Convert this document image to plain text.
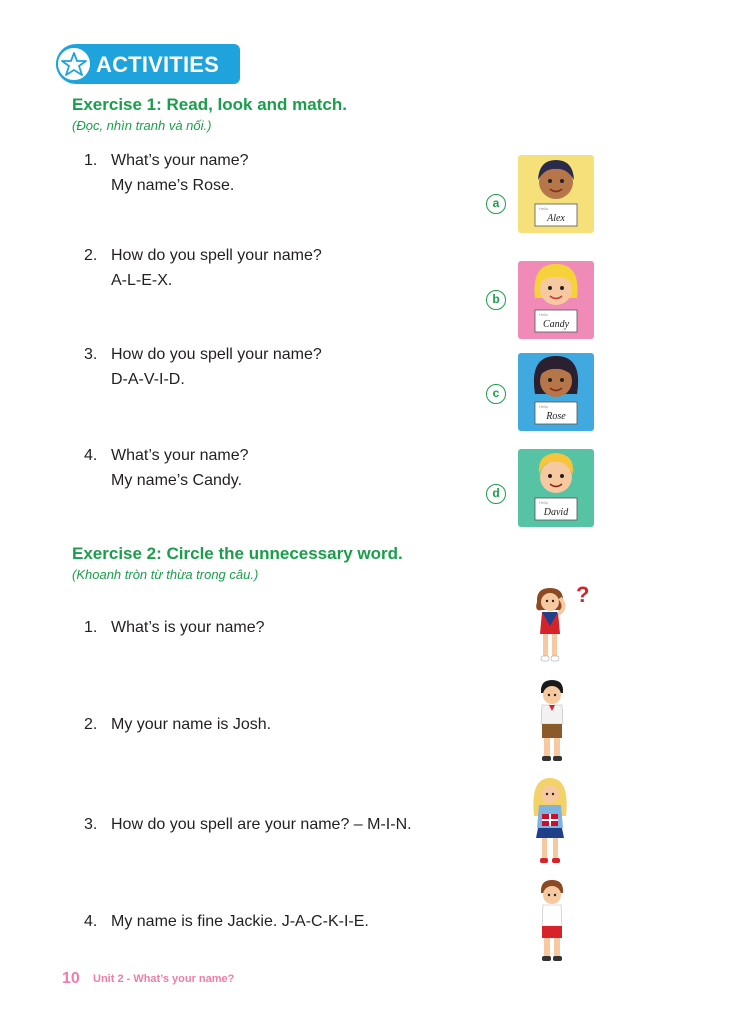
ACTIVITIES
Exercise 1: Read, look and match.
(Đọc, nhìn tranh và nối.)
1. What’s your name?
My name’s Rose.
2. How do you spell your name?
A-L-E-X.
3. How do you spell your name?
D-A-V-I-D.
4. What’s your name?
My name’s Candy.
a
b
c
d
Hello
Alex
Hello
Candy
Hello
Rose
Hello
David
Exercise 2: Circle the unnecessary word.
(Khoanh tròn từ thừa trong câu.)
1. What’s is your name?
2. My your name is Josh.
3. How do you spell are your name? – M-I-N.
4. My name is fine Jackie. J-A-C-K-I-E.
?
10 Unit 2 - What’s your name?
